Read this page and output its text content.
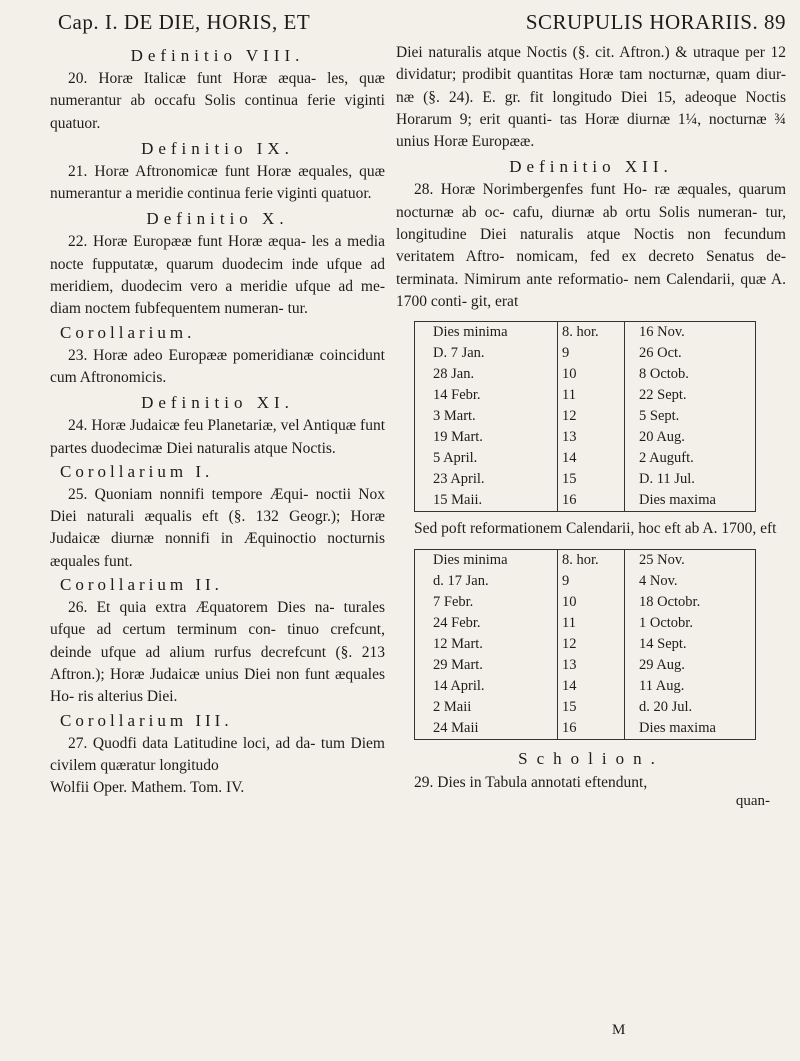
Cap. I. DE DIE, HORIS, ET	SCRUPULIS HORARIIS. 89
Definitio VIII.

20. Horæ Italicæ funt Horæ æqua- les, quæ numerantur ab occafu Solis continua ferie viginti quatuor.

Definitio IX.

21. Horæ Aftronomicæ funt Horæ æquales, quæ numerantur a meridie continua ferie viginti quatuor.

Definitio X.

22. Horæ Europææ funt Horæ æqua- les a media nocte fupputatæ, quarum duodecim inde ufque ad meridiem, duodecim vero a meridie ufque ad me- diam noctem fubfequentem numeran- tur.

Corollarium.

23. Horæ adeo Europææ pomeridianæ coincidunt cum Aftronomicis.

Definitio XI.

24. Horæ Judaicæ feu Planetariæ, vel Antiquæ funt partes duodecimæ Diei naturalis atque Noctis.

Corollarium I.

25. Quoniam nonnifi tempore Æqui- noctii Nox Diei naturali æqualis eft (§. 132 Geogr.); Horæ Judaicæ diurnæ nonnifi in Æquinoctio nocturnis æquales funt.

Corollarium II.

26. Et quia extra Æquatorem Dies na- turales ufque ad certum terminum con- tinuo crefcunt, deinde ufque ad alium rurfus decrefcunt (§. 213 Aftron.); Horæ Judaicæ unius Diei non funt æquales Ho- ris alterius Diei.

Corollarium III.

27. Quodfi data Latitudine loci, ad da- tum Diem civilem quæratur longitudo

Wolfii Oper. Mathem. Tom. IV.

Diei naturalis atque Noctis (§. cit. Aftron.) & utraque per 12 dividatur; prodibit quantitas Horæ tam nocturnæ, quam diur- næ (§. 24). E. gr. fit longitudo Diei 15, adeoque Noctis Horarum 9; erit quanti- tas Horæ diurnæ 1¼, nocturnæ ¾ unius Horæ Europææ.

Definitio XII.

28. Horæ Norimbergenfes funt Ho- ræ æquales, quarum nocturnæ ab oc- cafu, diurnæ ab ortu Solis numeran- tur, longitudine Diei naturalis atque Noctis non fecundum veritatem Aftro- nomicam, fed ex decreto Senatus de- terminata. Nimirum ante reformatio- nem Calendarii, quæ A. 1700 conti- git, erat

Dies minima	8. hor.	16 Nov.
D. 7 Jan.	9	26 Oct.
28 Jan.	10	8 Octob.
14 Febr.	11	22 Sept.
3 Mart.	12	5 Sept.
19 Mart.	13	20 Aug.
5 April.	14	2 Auguft.
23 April.	15	D. 11 Jul.
15 Maii.	16	Dies maxima

Sed poft reformationem Calendarii, hoc eft ab A. 1700, eft

Dies minima	8. hor.	25 Nov.
d. 17 Jan.	9	4 Nov.
7 Febr.	10	18 Octobr.
24 Febr.	11	1 Octobr.
12 Mart.	12	14 Sept.
29 Mart.	13	29 Aug.
14 April.	14	11 Aug.
2 Maii	15	d. 20 Jul.
24 Maii	16	Dies maxima
Scholion.

29. Dies in Tabula annotati eftendunt,

quan-
M
